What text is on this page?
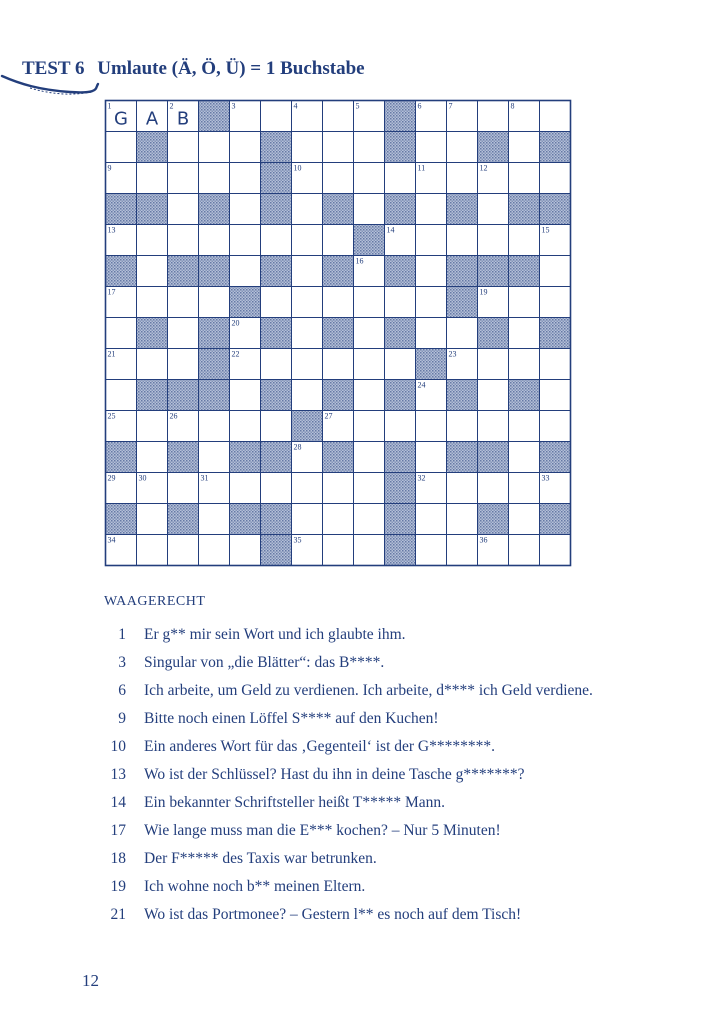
TEST 6 Umlaute (Ä, Ö, Ü) = 1 Buchstabe
1	2	3	4	5	6	7	8
9	10	11	12
13	14	15
16
17	19
20
21	22	23
24
25	26	27
28
29	30	31	32	33
34	35	36
G A B
WAAGERECHT
1 Er g** mir sein Wort und ich glaubte ihm.
3 Singular von „die Blätter“: das B****.
6 Ich arbeite, um Geld zu verdienen. Ich arbeite, d**** ich Geld verdiene.
9 Bitte noch einen Löffel S**** auf den Kuchen!
10 Ein anderes Wort für das ‚Gegenteil‘ ist der G********.
13 Wo ist der Schlüssel? Hast du ihn in deine Tasche g*******?
14 Ein bekannter Schriftsteller heißt T***** Mann.
17 Wie lange muss man die E*** kochen? – Nur 5 Minuten!
18 Der F***** des Taxis war betrunken.
19 Ich wohne noch b** meinen Eltern.
21 Wo ist das Portmonee? – Gestern l** es noch auf dem Tisch!
12
